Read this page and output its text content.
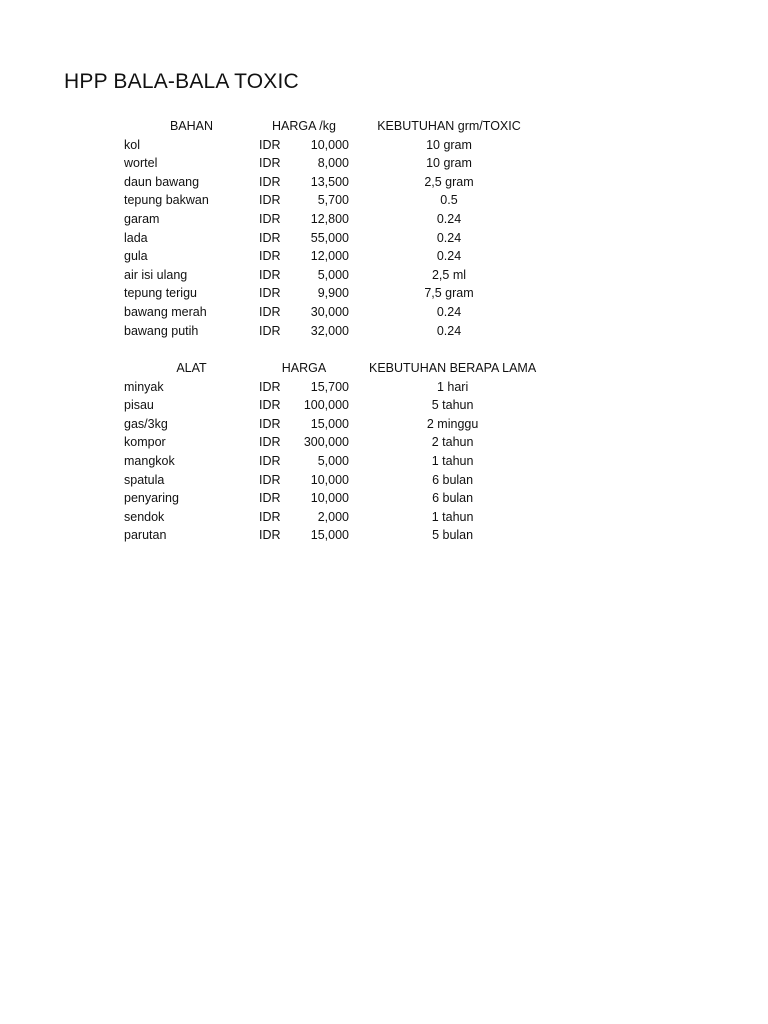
HPP BALA-BALA TOXIC
BAHAN	HARGA /kg			KEBUTUHAN grm/TOXIC
kol	IDR	10,000		10 gram
wortel	IDR	8,000		10 gram
daun bawang	IDR	13,500		2,5 gram
tepung bakwan	IDR	5,700		0.5
garam	IDR	12,800		0.24
lada	IDR	55,000		0.24
gula	IDR	12,000		0.24
air isi ulang	IDR	5,000		2,5 ml
tepung terigu	IDR	9,900		7,5 gram
bawang merah	IDR	30,000		0.24
bawang putih	IDR	32,000		0.24
ALAT	HARGA			KEBUTUHAN BERAPA LAMA
minyak	IDR	15,700		1 hari
pisau	IDR	100,000		5 tahun
gas/3kg	IDR	15,000		2 minggu
kompor	IDR	300,000		2 tahun
mangkok	IDR	5,000		1 tahun
spatula	IDR	10,000		6 bulan
penyaring	IDR	10,000		6 bulan
sendok	IDR	2,000		1 tahun
parutan	IDR	15,000		5 bulan
